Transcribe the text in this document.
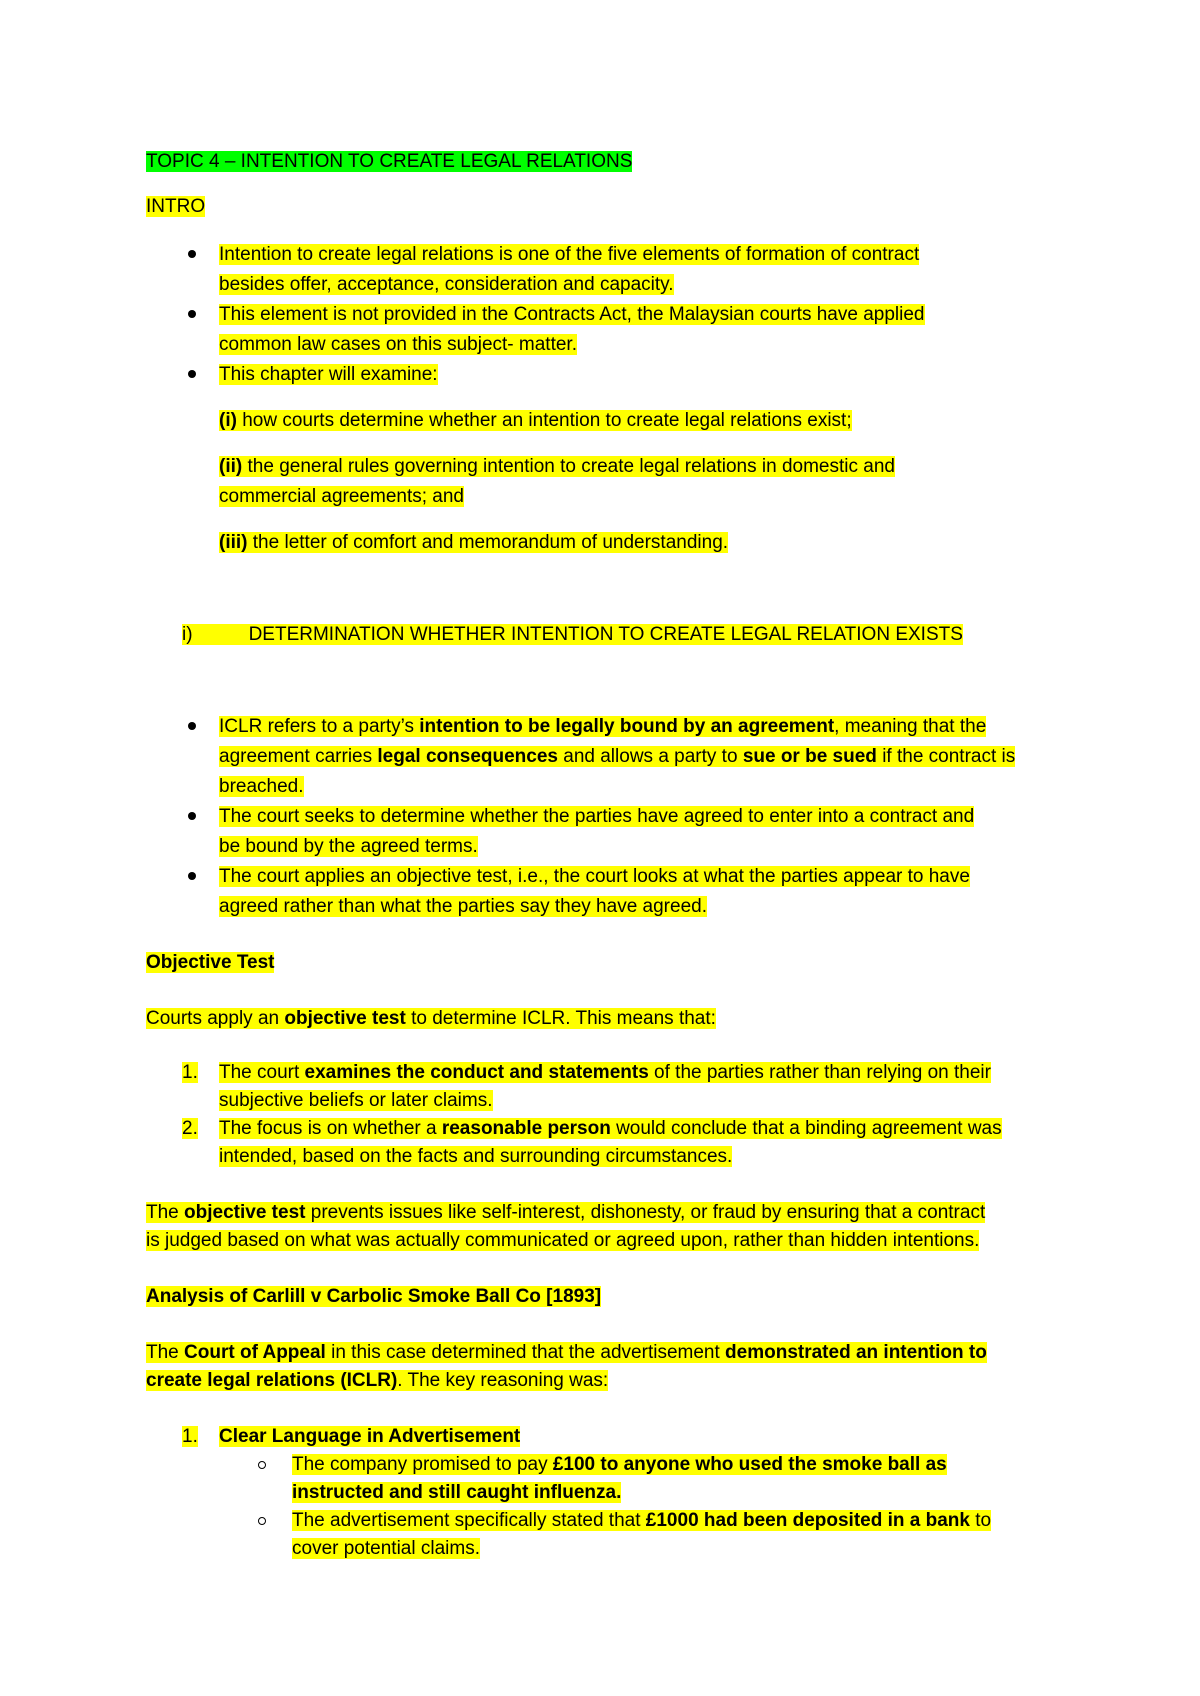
TOPIC 4 – INTENTION TO CREATE LEGAL RELATIONS
INTRO
Intention to create legal relations is one of the five elements of formation of contract
besides offer, acceptance, consideration and capacity.
This element is not provided in the Contracts Act, the Malaysian courts have applied
common law cases on this subject- matter.
This chapter will examine:
(i) how courts determine whether an intention to create legal relations exist;
(ii) the general rules governing intention to create legal relations in domestic and
commercial agreements; and
(iii) the letter of comfort and memorandum of understanding.
i)	DETERMINATION WHETHER INTENTION TO CREATE LEGAL RELATION EXISTS
ICLR refers to a party’s intention to be legally bound by an agreement, meaning that the
agreement carries legal consequences and allows a party to sue or be sued if the contract is
breached.
The court seeks to determine whether the parties have agreed to enter into a contract and
be bound by the agreed terms.
The court applies an objective test, i.e., the court looks at what the parties appear to have
agreed rather than what the parties say they have agreed.
Objective Test
Courts apply an objective test to determine ICLR. This means that:
1. The court examines the conduct and statements of the parties rather than relying on their
subjective beliefs or later claims.
2. The focus is on whether a reasonable person would conclude that a binding agreement was
intended, based on the facts and surrounding circumstances.
The objective test prevents issues like self-interest, dishonesty, or fraud by ensuring that a contract
is judged based on what was actually communicated or agreed upon, rather than hidden intentions.
Analysis of Carlill v Carbolic Smoke Ball Co [1893]
The Court of Appeal in this case determined that the advertisement demonstrated an intention to
create legal relations (ICLR). The key reasoning was:
1. Clear Language in Advertisement
The company promised to pay £100 to anyone who used the smoke ball as
instructed and still caught influenza.
The advertisement specifically stated that £1000 had been deposited in a bank to
cover potential claims.
